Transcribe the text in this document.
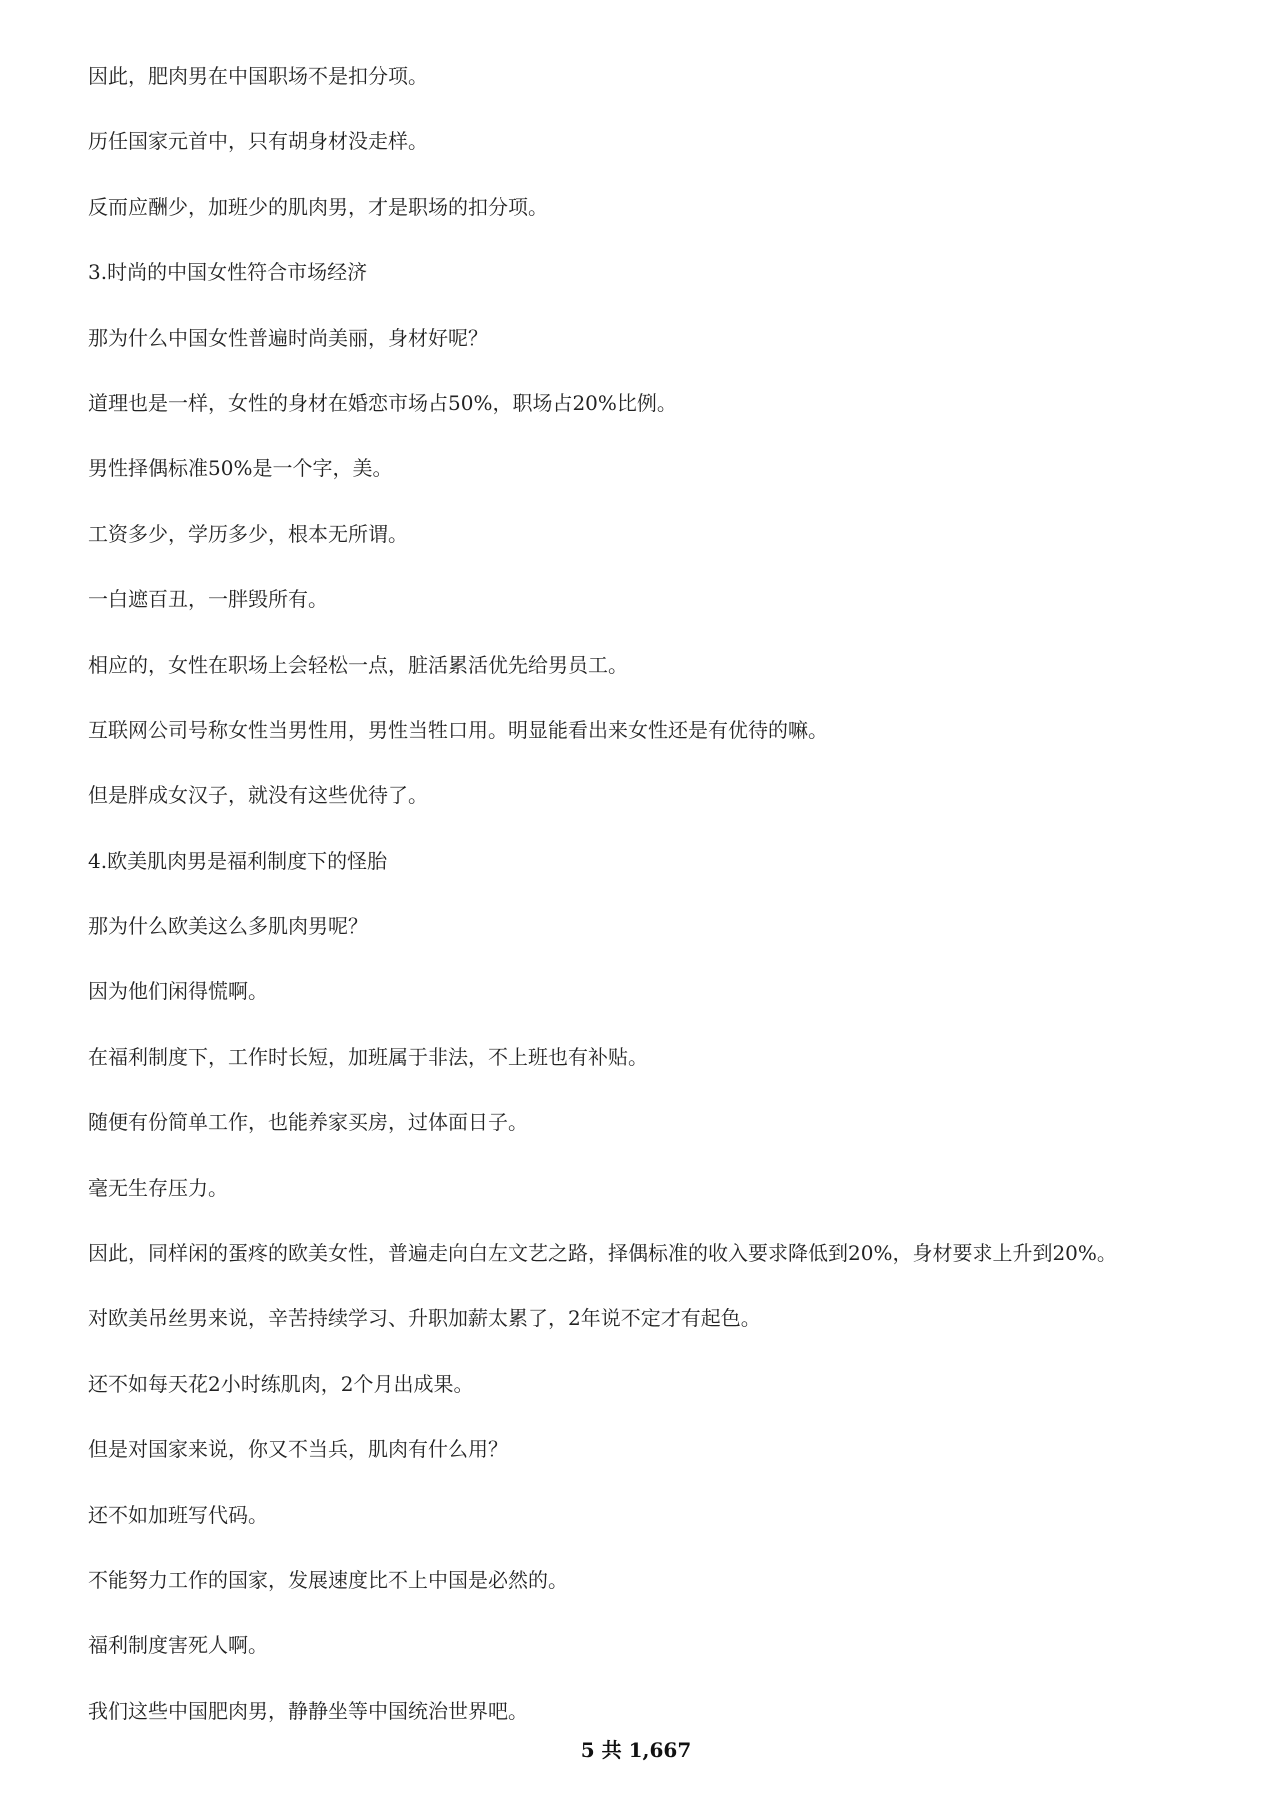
因此，肥肉男在中国职场不是扣分项。

历任国家元首中，只有胡身材没走样。

反而应酬少，加班少的肌肉男，才是职场的扣分项。

3.时尚的中国女性符合市场经济

那为什么中国女性普遍时尚美丽，身材好呢？

道理也是一样，女性的身材在婚恋市场占50%，职场占20%比例。

男性择偶标准50%是一个字，美。

工资多少，学历多少，根本无所谓。

一白遮百丑，一胖毁所有。

相应的，女性在职场上会轻松一点，脏活累活优先给男员工。

互联网公司号称女性当男性用，男性当牲口用。明显能看出来女性还是有优待的嘛。

但是胖成女汉子，就没有这些优待了。

4.欧美肌肉男是福利制度下的怪胎

那为什么欧美这么多肌肉男呢？

因为他们闲得慌啊。

在福利制度下，工作时长短，加班属于非法，不上班也有补贴。

随便有份简单工作，也能养家买房，过体面日子。

毫无生存压力。

因此，同样闲的蛋疼的欧美女性，普遍走向白左文艺之路，择偶标准的收入要求降低到20%，身材要求上升到20%。

对欧美吊丝男来说，辛苦持续学习、升职加薪太累了，2年说不定才有起色。

还不如每天花2小时练肌肉，2个月出成果。

但是对国家来说，你又不当兵，肌肉有什么用？

还不如加班写代码。

不能努力工作的国家，发展速度比不上中国是必然的。

福利制度害死人啊。

我们这些中国肥肉男，静静坐等中国统治世界吧。

5 共 1,667
